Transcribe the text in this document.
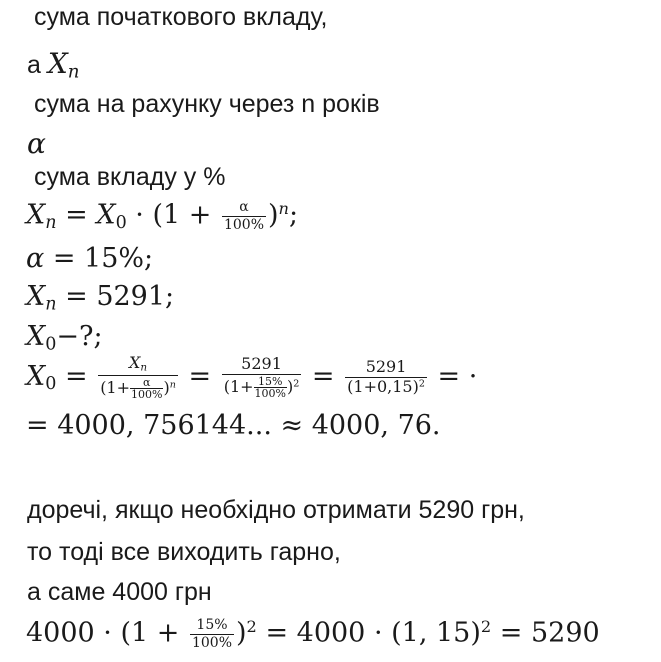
сума початкового вкладу,
а $X_n$
сума на рахунку через n років
α
сума вкладу у %
$X_n = X_0 \cdot (1 + \frac{\alpha}{100\%} )^n$;
α = 15%;
$X_n = 5291$;
$X_0-$?;
$X_0 = \frac{X_n}{(1+ \frac{\alpha}{100\%} )^n} = \frac{5291}{(1+ \frac{15\%}{100\%} )^2} = \frac{5291}{(1+0,15)^2}$ = ·
= 4000, 756144... ≈ 4000, 76.
доречі, якщо необхідно отримати 5290 грн,
то тоді все виходить гарно,
а саме 4000 грн
$4000 \cdot (1 + \frac{15\%}{100\%} )^2 = 4000 \cdot (1$, 15)$^2$ = 5290
